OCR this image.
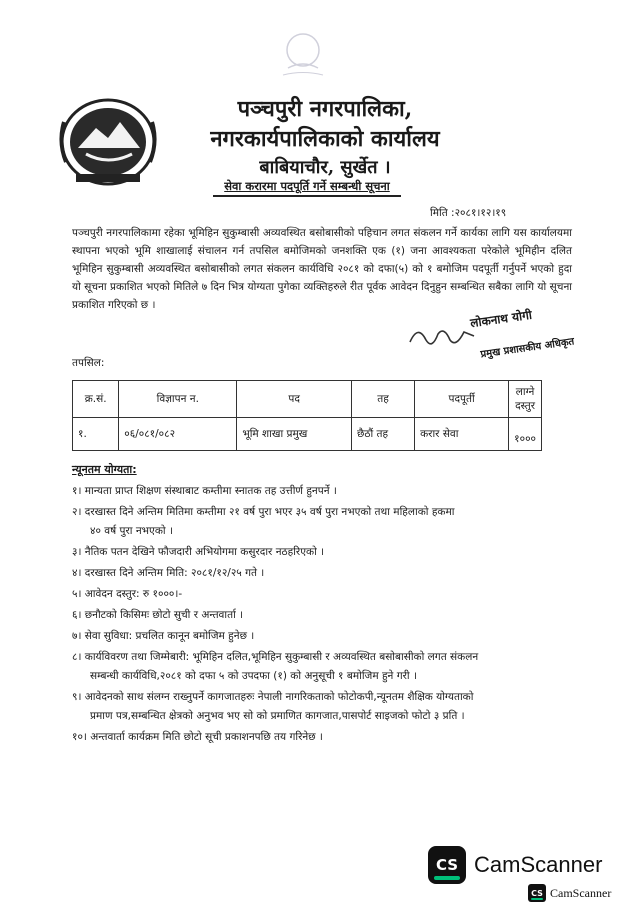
पञ्चपुरी नगरपालिका,
नगरकार्यपालिकाको कार्यालय
बाबियाचौर, सुर्खेत ।
सेवा करारमा पदपूर्ति गर्ने सम्बन्धी सूचना
मिति :२०८१।१२।१९
पञ्चपुरी नगरपालिकामा रहेका भूमिहिन सुकुम्बासी अव्यवस्थित बसोबासीको पहिचान लगत संकलन गर्ने कार्यका लागि यस कार्यालयमा स्थापना भएको भूमि शाखालाई संचालन गर्न तपसिल बमोजिमको जनशक्ति एक (१) जना आवश्यकता परेकोले भूमिहीन दलित भूमिहिन सुकुम्बासी अव्यवस्थित बसोबासीको लगत संकलन कार्यविधि २०८१ को दफा(५) को १ बमोजिम पदपूर्ती गर्नुपर्ने भएको हुदा यो सूचना प्रकाशित भएको मितिले ७ दिन भित्र योग्यता पुगेका व्यक्तिहरुले रीत पूर्वक आवेदन दिनुहुन सम्बन्धित सबैका लागि यो सूचना प्रकाशित गरिएको छ ।
लोकनाथ योगी
प्रमुख प्रशासकीय अधिकृत
तपसिल:
क्र.सं.	विज्ञापन न.	पद	तह	पदपूर्ती	लाग्ने दस्तुर
१.	०६/०८१/०८२	भूमि शाखा प्रमुख	छैठौं तह	करार सेवा	१०००
न्यूनतम योग्यता:
१। मान्यता प्राप्त शिक्षण संस्थाबाट कम्तीमा स्नातक तह उत्तीर्ण हुनपर्ने ।
२। दरखास्त दिने अन्तिम मितिमा कम्तीमा २१ वर्ष पुरा भएर ३५ वर्ष पुरा नभएको तथा महिलाको हकमा
४० वर्ष पुरा नभएको ।
३। नैतिक पतन देखिने फौजदारी अभियोगमा कसुरदार नठहरिएको ।
४। दरखास्त दिने अन्तिम मिति: २०८१/१२/२५ गते ।
५। आवेदन दस्तुर: रु १०००।-
६। छनौटको किसिमः छोटो सुची र अन्तवार्ता ।
७। सेवा सुविधा: प्रचलित कानून बमोजिम हुनेछ ।
८। कार्यविवरण तथा जिम्मेबारी: भूमिहिन दलित,भूमिहिन सुकुम्बासी र अव्यवस्थित बसोबासीको लगत संकलन
सम्बन्धी कार्यविधि,२०८१ को दफा ५ को उपदफा (१) को अनुसूची १ बमोजिम हुने गरी ।
९। आवेदनको साथ संलग्न राख्नुपर्ने कागजातहरुः नेपाली नागरिकताको फोटोकपी,न्यूनतम शैक्षिक योग्यताको
प्रमाण पत्र,सम्बन्धित क्षेत्रको अनुभव भए सो को प्रमाणित कागजात,पासपोर्ट साइजको फोटो ३ प्रति ।
१०। अन्तवार्ता कार्यक्रम मिति छोटो सूची प्रकाशनपछि तय गरिनेछ ।
CS CamScanner
CS CamScanner
